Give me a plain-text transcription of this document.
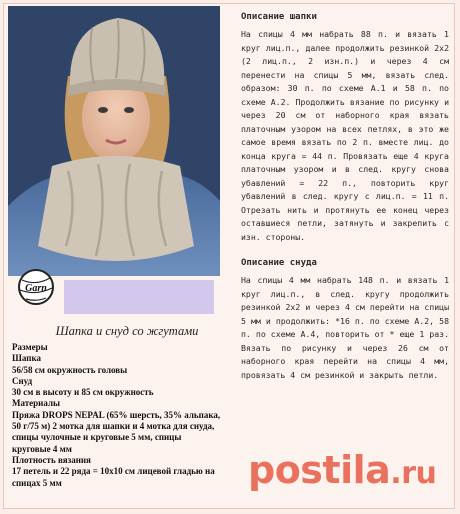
Garn
Шапка и снуд со жгутами

Размеры

Шапка

56/58 см окружность головы

Снуд

30 см в высоту и 85 см окружность

Материалы

Пряжа DROPS NEPAL (65% шерсть, 35% альпака, 50 г/75 м) 2 мотка для шапки и 4 мотка для снуда, спицы чулочные и круговые 5 мм, спицы круговые 4 мм

Плотность вязания

17 петель и 22 ряда = 10х10 см лицевой гладью на спицах 5 мм

Описание шапки

На спицы 4 мм набрать 88 п. и вязать 1 круг лиц.п., далее продолжить резинкой 2х2 (2 лиц.п., 2 изн.п.) и через 4 см перенести на спицы 5 мм, вязать след. образом: 30 п. по схеме А.1 и 58 п. по схеме А.2. Продолжить вязание по рисунку и через 20 см от наборного края вязать платочным узором на всех петлях, в это же самое время вязать по 2 п. вместе лиц. до конца круга = 44 п. Провязать еще 4 круга платочным узором и в след. кругу снова убавлений = 22 п., повторить круг убавлений в след. кругу с лиц.п. = 11 п. Отрезать нить и протянуть ее конец через оставшиеся петли, затянуть и закрепить с изн. стороны.

Описание снуда

На спицы 4 мм набрать 148 п. и вязать 1 круг лиц.п., в след. кругу продолжить резинкой 2х2 и через 4 см перейти на спицы 5 мм и продолжить: *16 п. по схеме А.2, 58 п. по схеме А.4, повторить от * еще 1 раз. Вязать по рисунку и через 26 см от наборного края перейти на спицы 4 мм, провязать 4 см резинкой и закрыть петли.

postila.ru
